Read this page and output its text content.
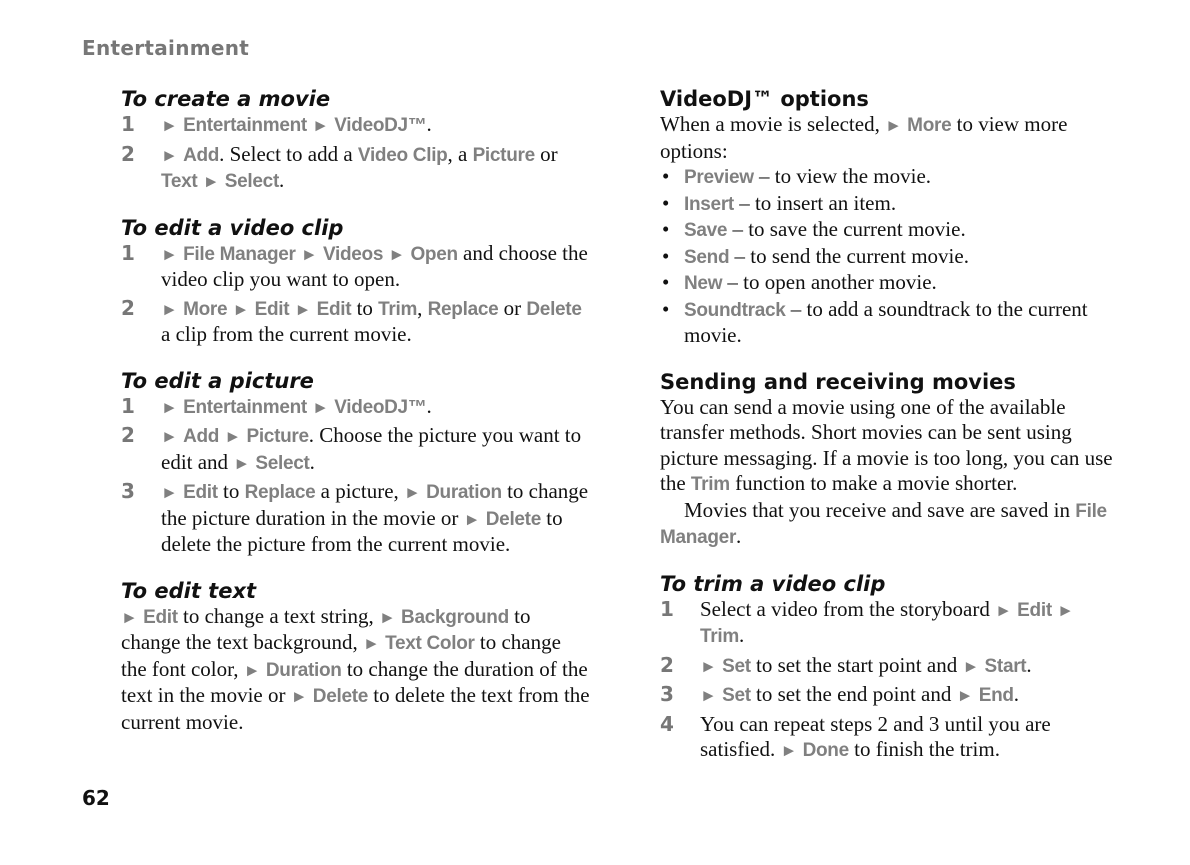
Entertainment
To create a movie
1 ► Entertainment ► VideoDJ™.
2 ► Add. Select to add a Video Clip, a Picture or Text ► Select.
To edit a video clip
1 ► File Manager ► Videos ► Open and choose the video clip you want to open.
2 ► More ► Edit ► Edit to Trim, Replace or Delete a clip from the current movie.
To edit a picture
1 ► Entertainment ► VideoDJ™.
2 ► Add ► Picture. Choose the picture you want to edit and ► Select.
3 ► Edit to Replace a picture, ► Duration to change the picture duration in the movie or ► Delete to delete the picture from the current movie.
To edit text

► Edit to change a text string, ► Background to change the text background, ► Text Color to change the font color, ► Duration to change the duration of the text in the movie or ► Delete to delete the text from the current movie.

VideoDJ™ options

When a movie is selected, ► More to view more options:

• Preview – to view the movie.
• Insert – to insert an item.
• Save – to save the current movie.
• Send – to send the current movie.
• New – to open another movie.
• Soundtrack – to add a soundtrack to the current movie.
Sending and receiving movies

You can send a movie using one of the available transfer methods. Short movies can be sent using picture messaging. If a movie is too long, you can use the Trim function to make a movie shorter.

Movies that you receive and save are saved in File Manager.

To trim a video clip
1 Select a video from the storyboard ► Edit ► Trim.
2 ► Set to set the start point and ► Start.
3 ► Set to set the end point and ► End.
4 You can repeat steps 2 and 3 until you are satisfied. ► Done to finish the trim.
62
